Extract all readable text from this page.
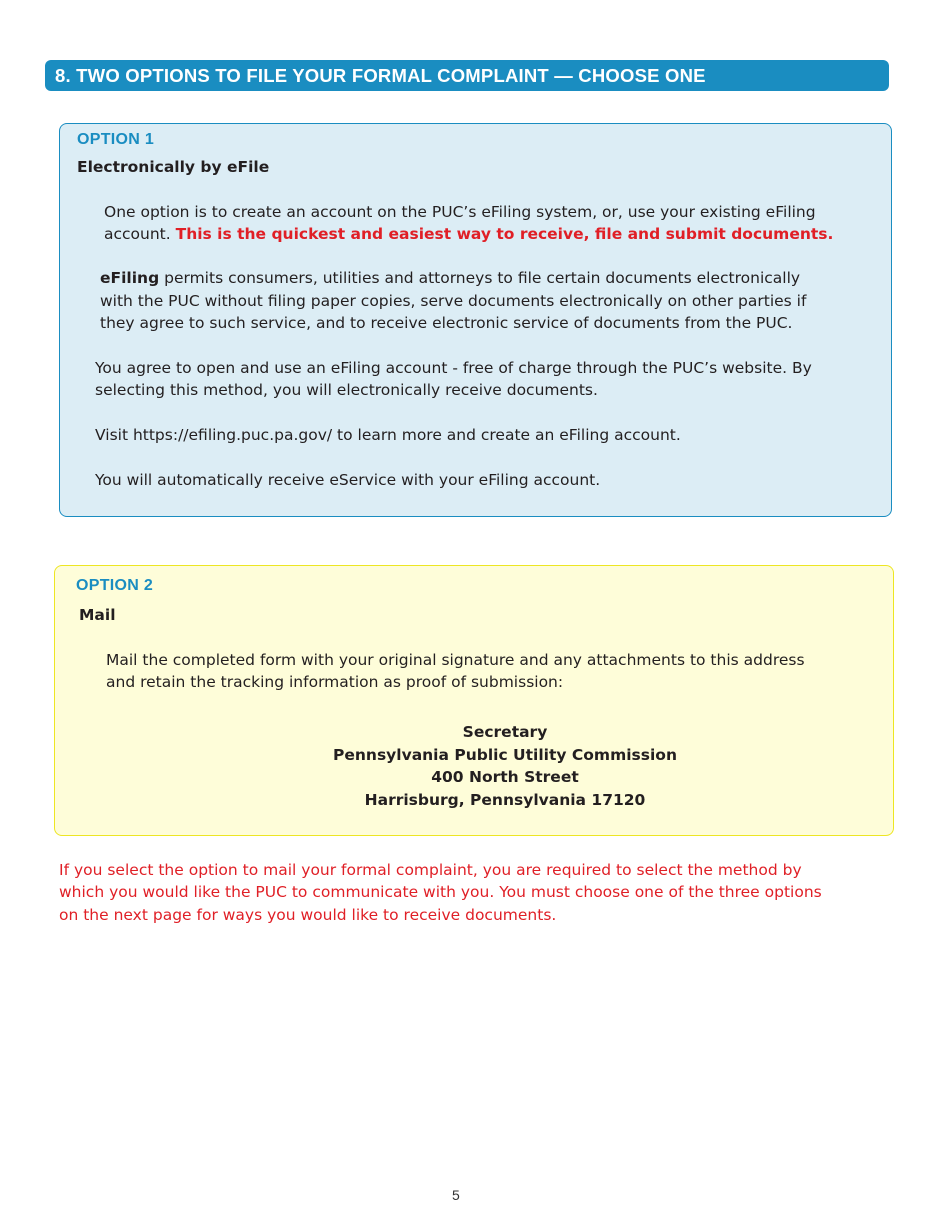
8. TWO OPTIONS TO FILE YOUR FORMAL COMPLAINT — CHOOSE ONE
OPTION 1
Electronically by eFile
One option is to create an account on the PUC’s eFiling system, or, use your existing eFiling
account. This is the quickest and easiest way to receive, file and submit documents.
eFiling permits consumers, utilities and attorneys to file certain documents electronically
with the PUC without filing paper copies, serve documents electronically on other parties if
they agree to such service, and to receive electronic service of documents from the PUC.
You agree to open and use an eFiling account - free of charge through the PUC’s website. By
selecting this method, you will electronically receive documents.
Visit https://efiling.puc.pa.gov/ to learn more and create an eFiling account.
You will automatically receive eService with your eFiling account.
OPTION 2
Mail
Mail the completed form with your original signature and any attachments to this address
and retain the tracking information as proof of submission:
Secretary
Pennsylvania Public Utility Commission
400 North Street
Harrisburg, Pennsylvania 17120
If you select the option to mail your formal complaint, you are required to select the method by
which you would like the PUC to communicate with you. You must choose one of the three options
on the next page for ways you would like to receive documents.
5
